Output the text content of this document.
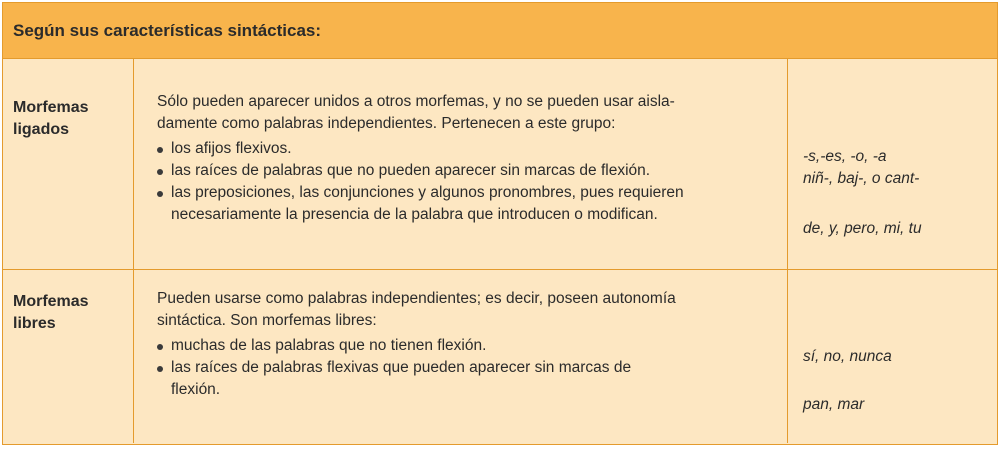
Según sus características sintácticas:
Morfemas
ligados
Sólo pueden aparecer unidos a otros morfemas, y no se pueden usar aisla-
damente como palabras independientes. Pertenecen a este grupo:
los afijos flexivos.
las raíces de palabras que no pueden aparecer sin marcas de flexión.
las preposiciones, las conjunciones y algunos pronombres, pues requieren
necesariamente la presencia de la palabra que introducen o modifican.
-s,-es, -o, -a
niñ-, baj-, o cant-
de, y, pero, mi, tu
Morfemas
libres
Pueden usarse como palabras independientes; es decir, poseen autonomía
sintáctica. Son morfemas libres:
muchas de las palabras que no tienen flexión.
las raíces de palabras flexivas que pueden aparecer sin marcas de
flexión.
sí, no, nunca
pan, mar
